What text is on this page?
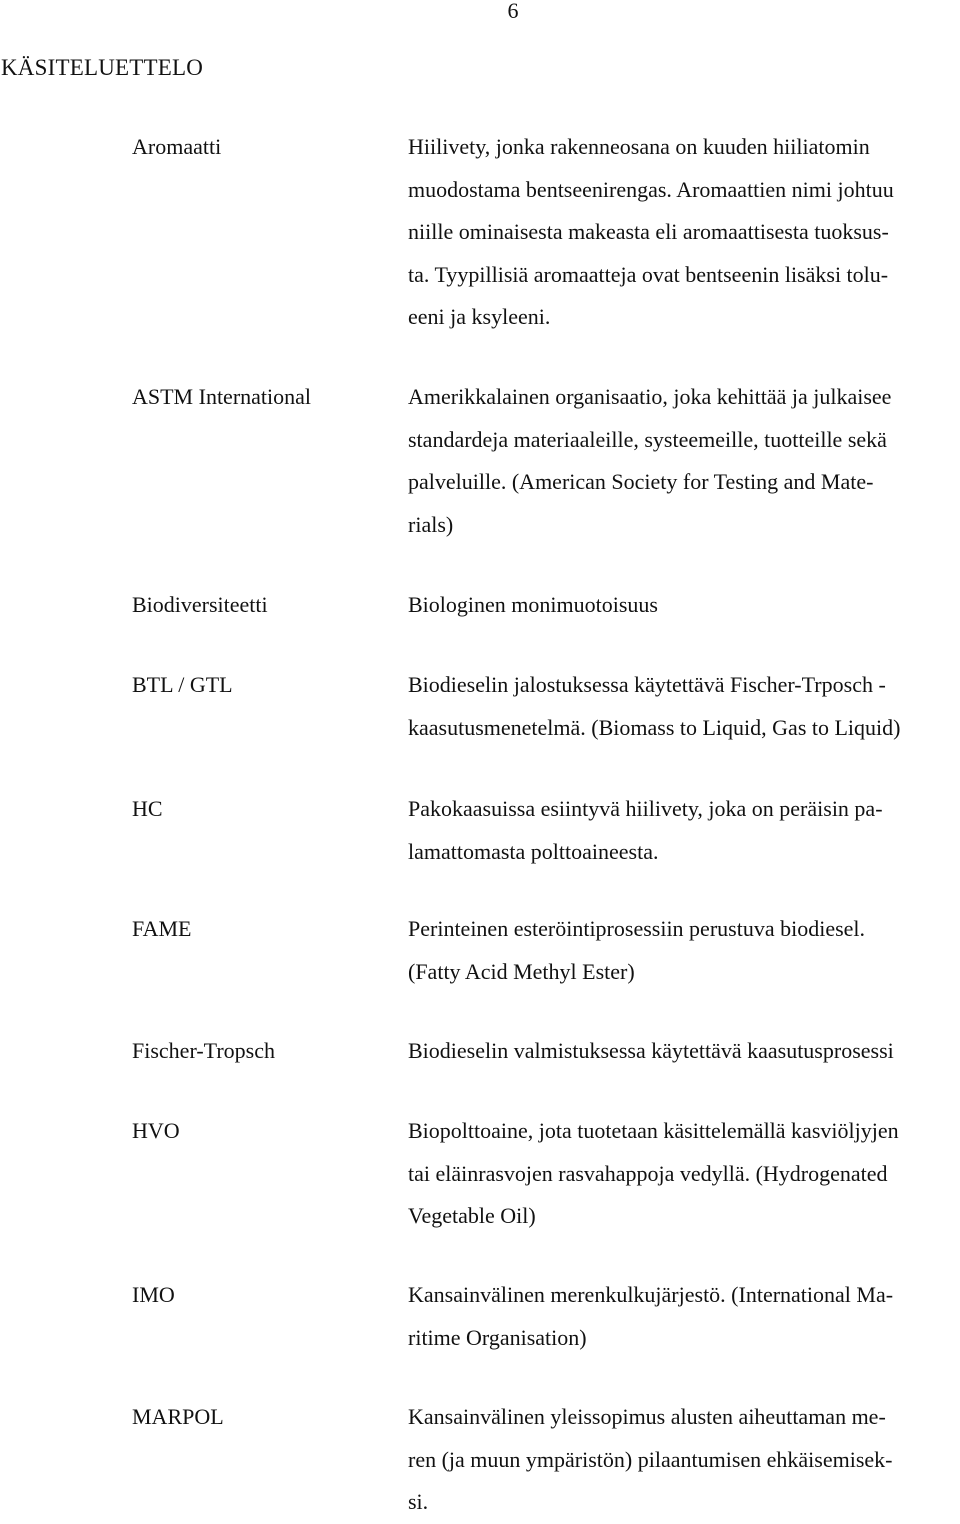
6
KÄSITELUETTELO
Aromaatti	Hiilivety, jonka rakenneosana on kuuden hiiliatomin
muodostama bentseenirengas. Aromaattien nimi johtuu
niille ominaisesta makeasta eli aromaattisesta tuoksus-
ta. Tyypillisiä aromaatteja ovat bentseenin lisäksi tolu-
eeni ja ksyleeni.
ASTM International	Amerikkalainen organisaatio, joka kehittää ja julkaisee
standardeja materiaaleille, systeemeille, tuotteille sekä
palveluille. (American Society for Testing and Mate-
rials)
Biodiversiteetti	Biologinen monimuotoisuus
BTL / GTL	Biodieselin jalostuksessa käytettävä Fischer-Trposch -
kaasutusmenetelmä. (Biomass to Liquid, Gas to Liquid)
HC	Pakokaasuissa esiintyvä hiilivety, joka on peräisin pa-
lamattomasta polttoaineesta.
FAME	Perinteinen esteröintiprosessiin perustuva biodiesel.
(Fatty Acid Methyl Ester)
Fischer-Tropsch	Biodieselin valmistuksessa käytettävä kaasutusprosessi
HVO	Biopolttoaine, jota tuotetaan käsittelemällä kasviöljyjen
tai eläinrasvojen rasvahappoja vedyllä. (Hydrogenated
Vegetable Oil)
IMO	Kansainvälinen merenkulkujärjestö. (International Ma-
ritime Organisation)
MARPOL	Kansainvälinen yleissopimus alusten aiheuttaman me-
ren (ja muun ympäristön) pilaantumisen ehkäisemisek-
si.
